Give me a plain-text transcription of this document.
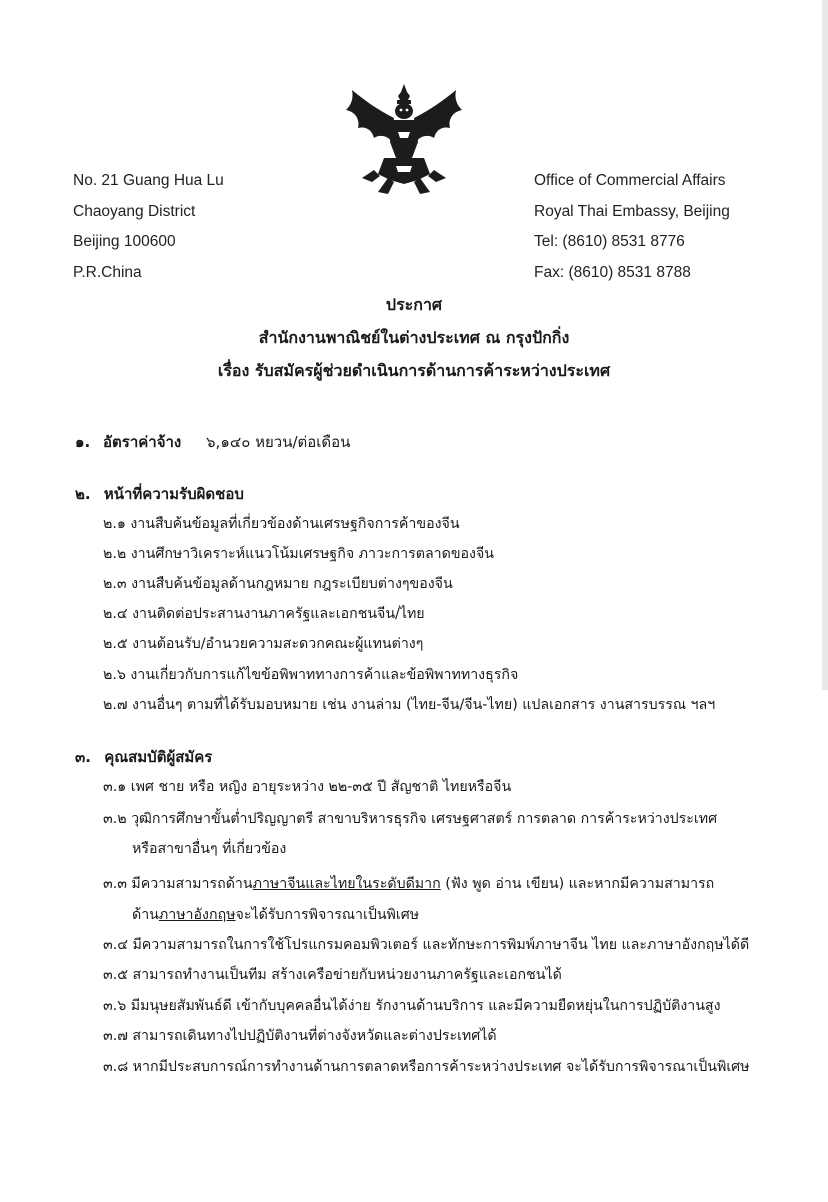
No. 21 Guang Hua Lu
Chaoyang District
Beijing 100600
P.R.China
Office of Commercial Affairs
Royal Thai Embassy, Beijing
Tel: (8610) 8531 8776
Fax: (8610) 8531 8788
ประกาศ
สำนักงานพาณิชย์ในต่างประเทศ ณ กรุงปักกิ่ง
เรื่อง รับสมัครผู้ช่วยดำเนินการด้านการค้าระหว่างประเทศ
๑. อัตราค่าจ้าง ๖,๑๔๐ หยวน/ต่อเดือน
๒. หน้าที่ความรับผิดชอบ
๒.๑ งานสืบค้นข้อมูลที่เกี่ยวข้องด้านเศรษฐกิจการค้าของจีน
๒.๒ งานศึกษาวิเคราะห์แนวโน้มเศรษฐกิจ ภาวะการตลาดของจีน
๒.๓ งานสืบค้นข้อมูลด้านกฎหมาย กฎระเบียบต่างๆของจีน
๒.๔ งานติดต่อประสานงานภาครัฐและเอกชนจีน/ไทย
๒.๕ งานต้อนรับ/อำนวยความสะดวกคณะผู้แทนต่างๆ
๒.๖ งานเกี่ยวกับการแก้ไขข้อพิพาททางการค้าและข้อพิพาททางธุรกิจ
๒.๗ งานอื่นๆ ตามที่ได้รับมอบหมาย เช่น งานล่าม (ไทย-จีน/จีน-ไทย) แปลเอกสาร งานสารบรรณ ฯลฯ
๓. คุณสมบัติผู้สมัคร
๓.๑ เพศ ชาย หรือ หญิง อายุระหว่าง ๒๒-๓๕ ปี สัญชาติ ไทยหรือจีน
๓.๒ วุฒิการศึกษาขั้นต่ำปริญญาตรี สาขาบริหารธุรกิจ เศรษฐศาสตร์ การตลาด การค้าระหว่างประเทศ
หรือสาขาอื่นๆ ที่เกี่ยวข้อง
๓.๓ มีความสามารถด้านภาษาจีนและไทยในระดับดีมาก (ฟัง พูด อ่าน เขียน) และหากมีความสามารถ
ด้านภาษาอังกฤษจะได้รับการพิจารณาเป็นพิเศษ
๓.๔ มีความสามารถในการใช้โปรแกรมคอมพิวเตอร์ และทักษะการพิมพ์ภาษาจีน ไทย และภาษาอังกฤษได้ดี
๓.๕ สามารถทำงานเป็นทีม สร้างเครือข่ายกับหน่วยงานภาครัฐและเอกชนได้
๓.๖ มีมนุษยสัมพันธ์ดี เข้ากับบุคคลอื่นได้ง่าย รักงานด้านบริการ และมีความยืดหยุ่นในการปฏิบัติงานสูง
๓.๗ สามารถเดินทางไปปฏิบัติงานที่ต่างจังหวัดและต่างประเทศได้
๓.๘ หากมีประสบการณ์การทำงานด้านการตลาดหรือการค้าระหว่างประเทศ จะได้รับการพิจารณาเป็นพิเศษ
